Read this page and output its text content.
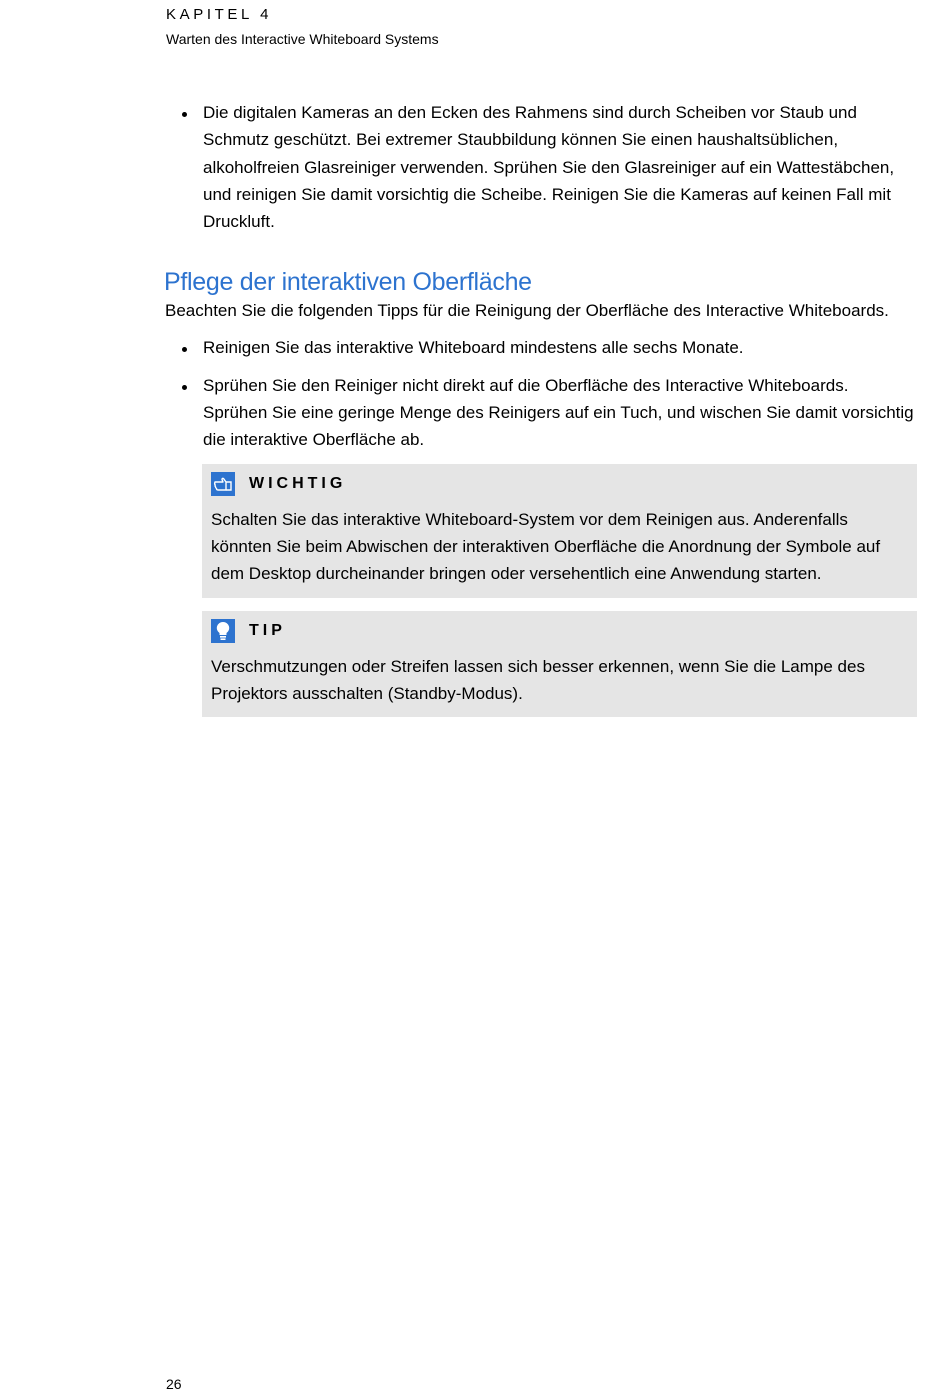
KAPITEL 4

Warten des Interactive Whiteboard Systems

Die digitalen Kameras an den Ecken des Rahmens sind durch Scheiben vor Staub und Schmutz geschützt. Bei extremer Staubbildung können Sie einen haushaltsüblichen, alkoholfreien Glasreiniger verwenden. Sprühen Sie den Glasreiniger auf ein Wattestäbchen, und reinigen Sie damit vorsichtig die Scheibe. Reinigen Sie die Kameras auf keinen Fall mit Druckluft.
Pflege der interaktiven Oberfläche

Beachten Sie die folgenden Tipps für die Reinigung der Oberfläche des Interactive Whiteboards.

Reinigen Sie das interaktive Whiteboard mindestens alle sechs Monate.
Sprühen Sie den Reiniger nicht direkt auf die Oberfläche des Interactive Whiteboards. Sprühen Sie eine geringe Menge des Reinigers auf ein Tuch, und wischen Sie damit vorsichtig die interaktive Oberfläche ab.
WICHTIG
Schalten Sie das interaktive Whiteboard-System vor dem Reinigen aus. Anderenfalls könnten Sie beim Abwischen der interaktiven Oberfläche die Anordnung der Symbole auf dem Desktop durcheinander bringen oder versehentlich eine Anwendung starten.
TIP
Verschmutzungen oder Streifen lassen sich besser erkennen, wenn Sie die Lampe des Projektors ausschalten (Standby-Modus).

26
